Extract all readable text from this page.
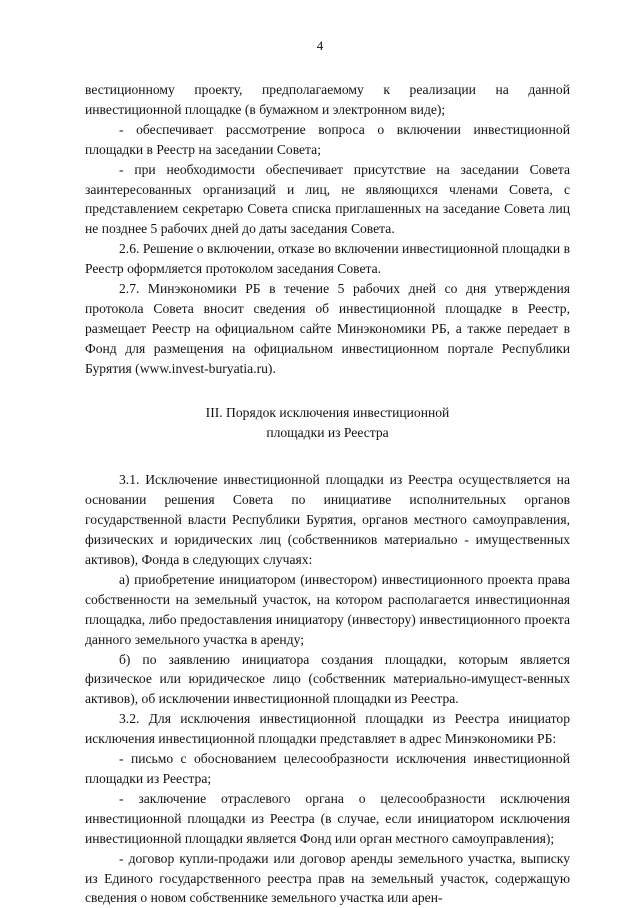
4

вестиционному проекту, предполагаемому к реализации на данной инвестиционной площадке (в бумажном и электронном виде);

- обеспечивает рассмотрение вопроса о включении инвестиционной площадки в Реестр на заседании Совета;

- при необходимости обеспечивает присутствие на заседании Совета заинтересованных организаций и лиц, не являющихся членами Совета, с представлением секретарю Совета списка приглашенных на заседание Совета лиц не позднее 5 рабочих дней до даты заседания Совета.

2.6. Решение о включении, отказе во включении инвестиционной площадки в Реестр оформляется протоколом заседания Совета.

2.7. Минэкономики РБ в течение 5 рабочих дней со дня утверждения протокола Совета вносит сведения об инвестиционной площадке в Реестр, размещает Реестр на официальном сайте Минэкономики РБ, а также передает в Фонд для размещения на официальном инвестиционном портале Республики Бурятия (www.invest-buryatia.ru).

III. Порядок исключения инвестиционной
площадки из Реестра

3.1. Исключение инвестиционной площадки из Реестра осуществляется на основании решения Совета по инициативе исполнительных органов государственной власти Республики Бурятия, органов местного самоуправления, физических и юридических лиц (собственников материально - имущественных активов), Фонда в следующих случаях:

а) приобретение инициатором (инвестором) инвестиционного проекта права собственности на земельный участок, на котором располагается инвестиционная площадка, либо предоставления инициатору (инвестору) инвестиционного проекта данного земельного участка в аренду;

б) по заявлению инициатора создания площадки, которым является физическое или юридическое лицо (собственник материально-имущест-венных активов), об исключении инвестиционной площадки из Реестра.

3.2. Для исключения инвестиционной площадки из Реестра инициатор исключения инвестиционной площадки представляет в адрес Минэкономики РБ:

- письмо с обоснованием целесообразности исключения инвестиционной площадки из Реестра;

- заключение отраслевого органа о целесообразности исключения инвестиционной площадки из Реестра (в случае, если инициатором исключения инвестиционной площадки является Фонд или орган местного самоуправления);

- договор купли-продажи или договор аренды земельного участка, выписку из Единого государственного реестра прав на земельный участок, содержащую сведения о новом собственнике земельного участка или арен-
